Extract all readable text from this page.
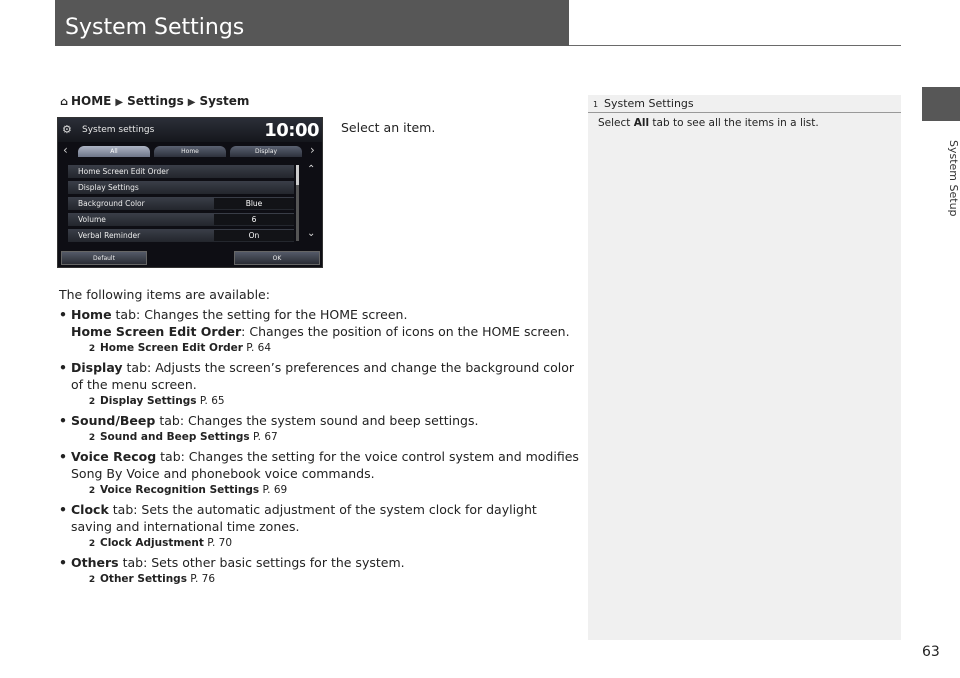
System Settings
System Setup
⌂ HOME ▶ Settings ▶ System
⚙ System settings	10:00
‹	All	Home	Display	›
Home Screen Edit Order
Display Settings
Background Color	Blue
Volume	6
Verbal Reminder	On
⌃
⌄
Default	OK
Select an item.

The following items are available:

• Home tab: Changes the setting for the HOME screen.
Home Screen Edit Order: Changes the position of icons on the HOME screen.
2 Home Screen Edit Order P. 64
• Display tab: Adjusts the screen’s preferences and change the background color of the menu screen.
2 Display Settings P. 65
• Sound/Beep tab: Changes the system sound and beep settings.
2 Sound and Beep Settings P. 67
• Voice Recog tab: Changes the setting for the voice control system and modifies Song By Voice and phonebook voice commands.
2 Voice Recognition Settings P. 69
• Clock tab: Sets the automatic adjustment of the system clock for daylight saving and international time zones.
2 Clock Adjustment P. 70
• Others tab: Sets other basic settings for the system.
2 Other Settings P. 76
1 System Settings
Select All tab to see all the items in a list.
63
